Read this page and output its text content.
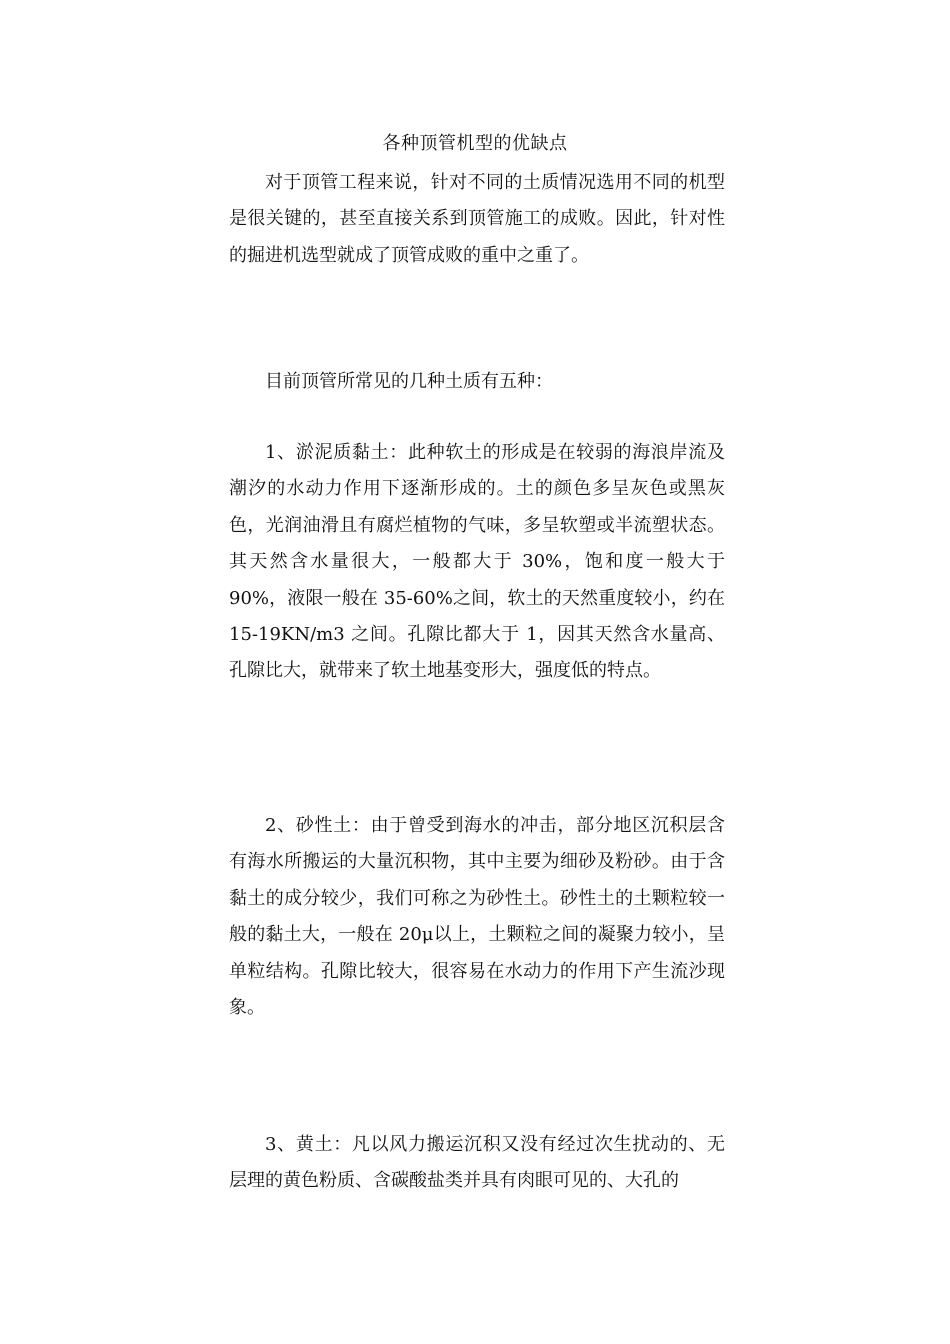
各种顶管机型的优缺点

对于顶管工程来说，针对不同的土质情况选用不同的机型是很关键的，甚至直接关系到顶管施工的成败。因此，针对性的掘进机选型就成了顶管成败的重中之重了。

目前顶管所常见的几种土质有五种：

1、淤泥质黏土：此种软土的形成是在较弱的海浪岸流及潮汐的水动力作用下逐渐形成的。土的颜色多呈灰色或黑灰色，光润油滑且有腐烂植物的气味，多呈软塑或半流塑状态。其天然含水量很大，一般都大于 30%，饱和度一般大于 90%，液限一般在 35-60%之间，软土的天然重度较小，约在 15-19KN/m3 之间。孔隙比都大于 1，因其天然含水量高、孔隙比大，就带来了软土地基变形大，强度低的特点。

2、砂性土：由于曾受到海水的冲击，部分地区沉积层含有海水所搬运的大量沉积物，其中主要为细砂及粉砂。由于含黏土的成分较少，我们可称之为砂性土。砂性土的土颗粒较一般的黏土大，一般在 20μ以上，土颗粒之间的凝聚力较小，呈单粒结构。孔隙比较大，很容易在水动力的作用下产生流沙现象。

3、黄土：凡以风力搬运沉积又没有经过次生扰动的、无层理的黄色粉质、含碳酸盐类并具有肉眼可见的、大孔的
